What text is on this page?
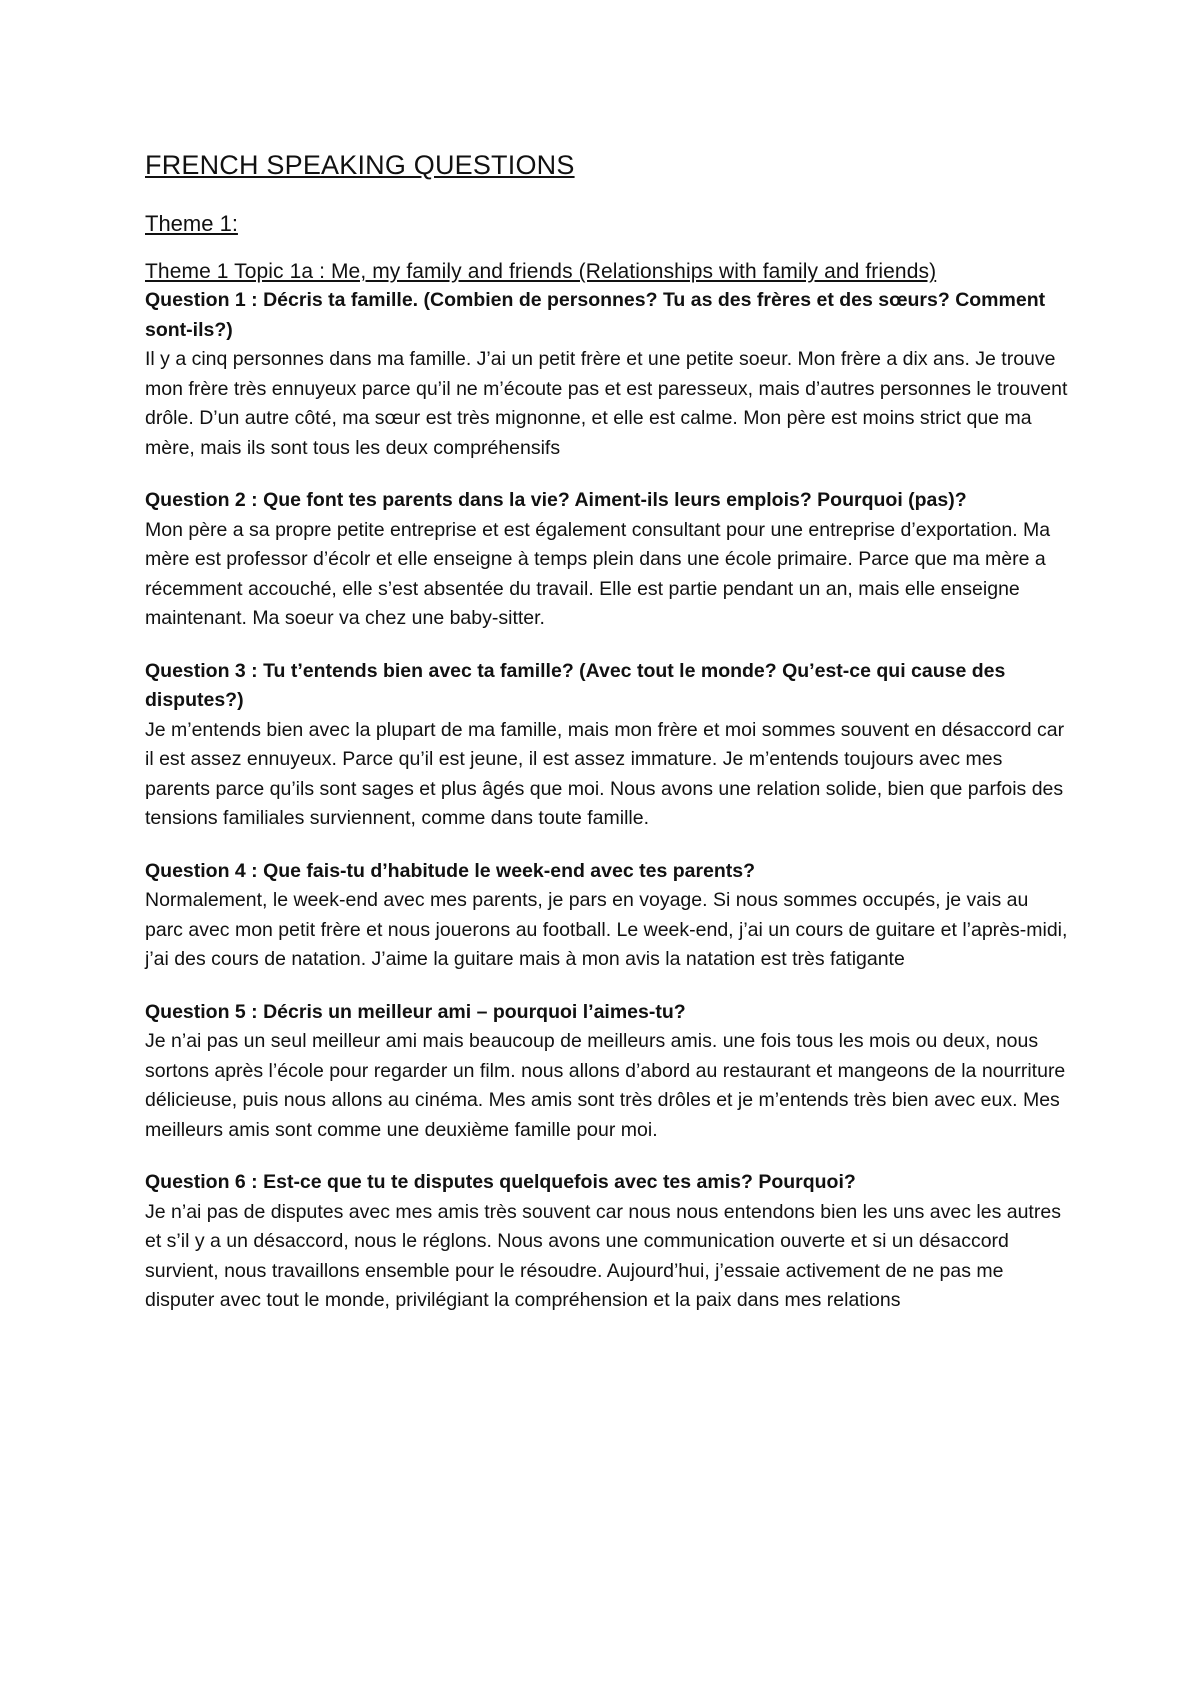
FRENCH SPEAKING QUESTIONS
Theme 1:
Theme 1 Topic 1a : Me, my family and friends (Relationships with family and friends)

Question 1 : Décris ta famille. (Combien de personnes? Tu as des frères et des sœurs? Comment sont-ils?)

Il y a cinq personnes dans ma famille. J’ai un petit frère et une petite soeur. Mon frère a dix ans. Je trouve mon frère très ennuyeux parce qu’il ne m’écoute pas et est paresseux, mais d’autres personnes le trouvent drôle. D’un autre côté, ma sœur est très mignonne, et elle est calme. Mon père est moins strict que ma mère, mais ils sont tous les deux compréhensifs

Question 2 : Que font tes parents dans la vie? Aiment-ils leurs emplois? Pourquoi (pas)?

Mon père a sa propre petite entreprise et est également consultant pour une entreprise d’exportation. Ma mère est professor d’écolr et elle enseigne à temps plein dans une école primaire. Parce que ma mère a récemment accouché, elle s’est absentée du travail. Elle est partie pendant un an, mais elle enseigne maintenant. Ma soeur va chez une baby-sitter.

Question 3 : Tu t’entends bien avec ta famille? (Avec tout le monde? Qu’est-ce qui cause des disputes?)

Je m’entends bien avec la plupart de ma famille, mais mon frère et moi sommes souvent en désaccord car il est assez ennuyeux. Parce qu’il est jeune, il est assez immature. Je m’entends toujours avec mes parents parce qu’ils sont sages et plus âgés que moi. Nous avons une relation solide, bien que parfois des tensions familiales surviennent, comme dans toute famille.

Question 4 : Que fais-tu d’habitude le week-end avec tes parents?

Normalement, le week-end avec mes parents, je pars en voyage. Si nous sommes occupés, je vais au parc avec mon petit frère et nous jouerons au football. Le week-end, j’ai un cours de guitare et l’après-midi, j’ai des cours de natation. J’aime la guitare mais à mon avis la natation est très fatigante

Question 5 : Décris un meilleur ami – pourquoi l’aimes-tu?

Je n’ai pas un seul meilleur ami mais beaucoup de meilleurs amis. une fois tous les mois ou deux, nous sortons après l’école pour regarder un film. nous allons d’abord au restaurant et mangeons de la nourriture délicieuse, puis nous allons au cinéma. Mes amis sont très drôles et je m’entends très bien avec eux. Mes meilleurs amis sont comme une deuxième famille pour moi.

Question 6 : Est-ce que tu te disputes quelquefois avec tes amis? Pourquoi?

Je n’ai pas de disputes avec mes amis très souvent car nous nous entendons bien les uns avec les autres et s’il y a un désaccord, nous le réglons. Nous avons une communication ouverte et si un désaccord survient, nous travaillons ensemble pour le résoudre. Aujourd’hui, j’essaie activement de ne pas me disputer avec tout le monde, privilégiant la compréhension et la paix dans mes relations
